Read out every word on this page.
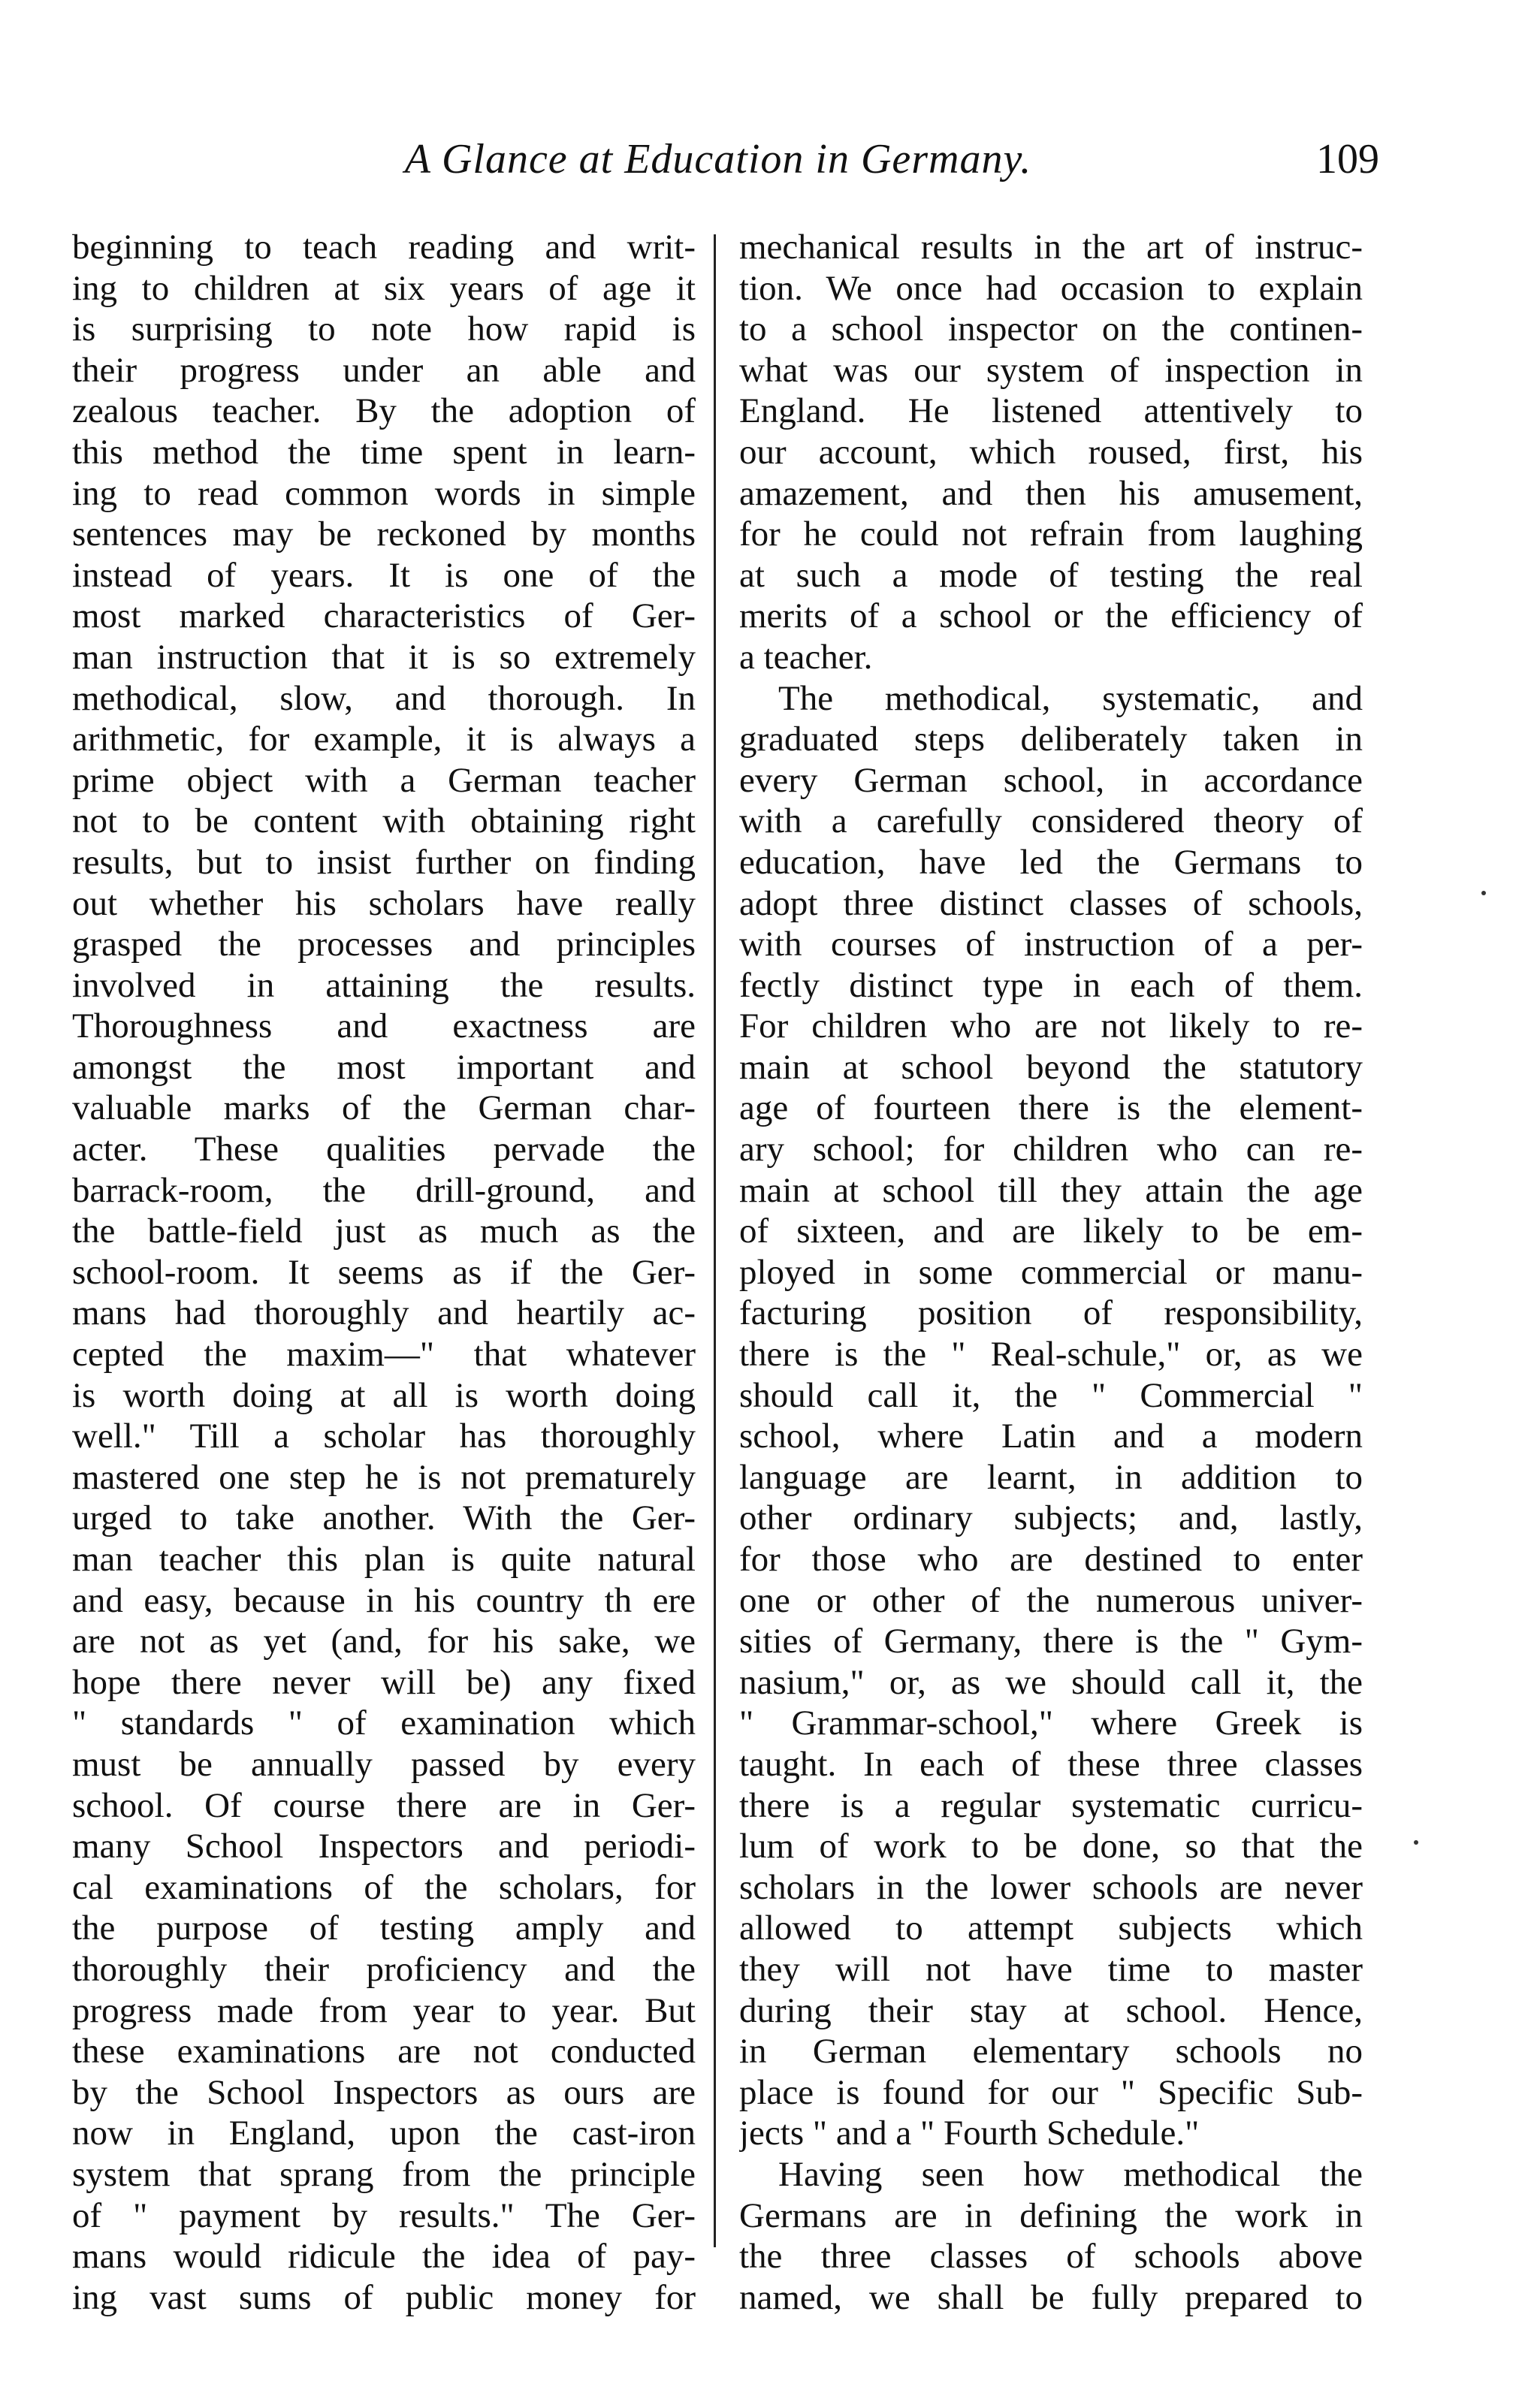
A Glance at Education in Germany.	109
beginning to teach reading and writ-
ing to children at six years of age it
is surprising to note how rapid is
their progress under an able and
zealous teacher. By the adoption of
this method the time spent in learn-
ing to read common words in simple
sentences may be reckoned by months
instead of years. It is one of the
most marked characteristics of Ger-
man instruction that it is so extremely
methodical, slow, and thorough. In
arithmetic, for example, it is always a
prime object with a German teacher
not to be content with obtaining right
results, but to insist further on finding
out whether his scholars have really
grasped the processes and principles
involved in attaining the results.
Thoroughness and exactness are
amongst the most important and
valuable marks of the German char-
acter. These qualities pervade the
barrack-room, the drill-ground, and
the battle-field just as much as the
school-room. It seems as if the Ger-
mans had thoroughly and heartily ac-
cepted the maxim—" that whatever
is worth doing at all is worth doing
well." Till a scholar has thoroughly
mastered one step he is not prematurely
urged to take another. With the Ger-
man teacher this plan is quite natural
and easy, because in his country th ere
are not as yet (and, for his sake, we
hope there never will be) any fixed
" standards " of examination which
must be annually passed by every
school. Of course there are in Ger-
many School Inspectors and periodi-
cal examinations of the scholars, for
the purpose of testing amply and
thoroughly their proficiency and the
progress made from year to year. But
these examinations are not conducted
by the School Inspectors as ours are
now in England, upon the cast-iron
system that sprang from the principle
of " payment by results." The Ger-
mans would ridicule the idea of pay-
ing vast sums of public money for
mechanical results in the art of instruc-
tion. We once had occasion to explain
to a school inspector on the continen-
what was our system of inspection in
England. He listened attentively to
our account, which roused, first, his
amazement, and then his amusement,
for he could not refrain from laughing
at such a mode of testing the real
merits of a school or the efficiency of
a teacher.
The methodical, systematic, and
graduated steps deliberately taken in
every German school, in accordance
with a carefully considered theory of
education, have led the Germans to
adopt three distinct classes of schools,
with courses of instruction of a per-
fectly distinct type in each of them.
For children who are not likely to re-
main at school beyond the statutory
age of fourteen there is the element-
ary school; for children who can re-
main at school till they attain the age
of sixteen, and are likely to be em-
ployed in some commercial or manu-
facturing position of responsibility,
there is the " Real-schule," or, as we
should call it, the " Commercial "
school, where Latin and a modern
language are learnt, in addition to
other ordinary subjects; and, lastly,
for those who are destined to enter
one or other of the numerous univer-
sities of Germany, there is the " Gym-
nasium," or, as we should call it, the
" Grammar-school," where Greek is
taught. In each of these three classes
there is a regular systematic curricu-
lum of work to be done, so that the
scholars in the lower schools are never
allowed to attempt subjects which
they will not have time to master
during their stay at school. Hence,
in German elementary schools no
place is found for our " Specific Sub-
jects " and a " Fourth Schedule."
Having seen how methodical the
Germans are in defining the work in
the three classes of schools above
named, we shall be fully prepared to
